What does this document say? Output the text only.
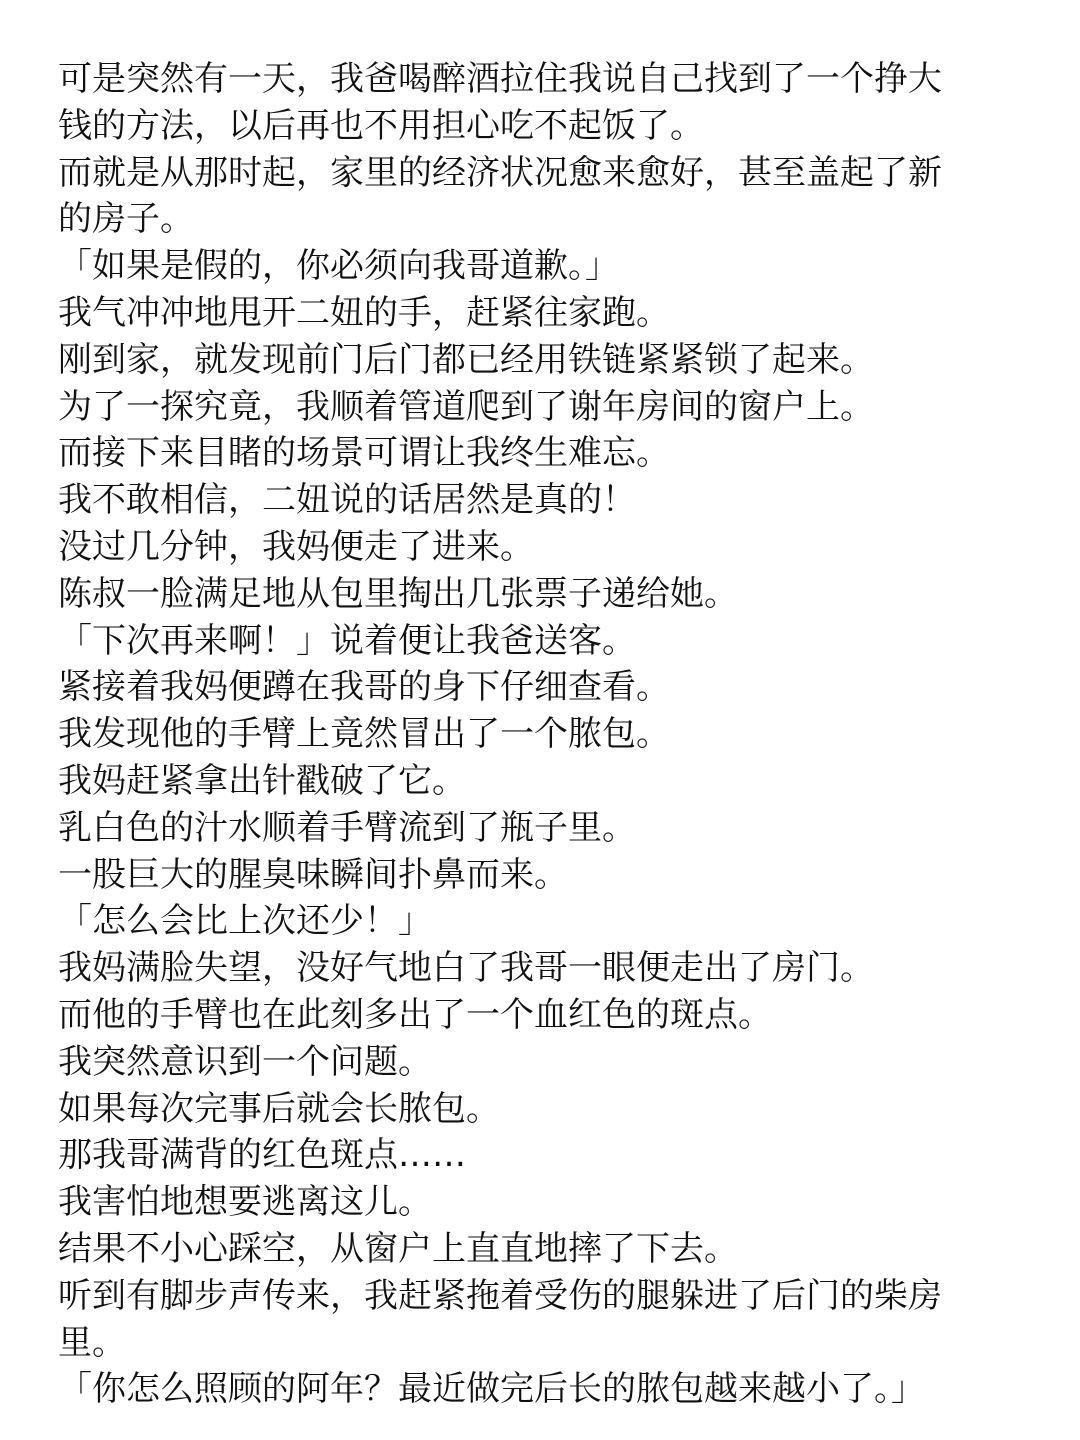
可是突然有一天，我爸喝醉酒拉住我说自己找到了一个挣大
钱的方法，以后再也不用担心吃不起饭了。
而就是从那时起，家里的经济状况愈来愈好，甚至盖起了新
的房子。
「如果是假的，你必须向我哥道歉。」
我气冲冲地甩开二妞的手，赶紧往家跑。
刚到家，就发现前门后门都已经用铁链紧紧锁了起来。
为了一探究竟，我顺着管道爬到了谢年房间的窗户上。
而接下来目睹的场景可谓让我终生难忘。
我不敢相信，二妞说的话居然是真的！
没过几分钟，我妈便走了进来。
陈叔一脸满足地从包里掏出几张票子递给她。
「下次再来啊！」说着便让我爸送客。
紧接着我妈便蹲在我哥的身下仔细查看。
我发现他的手臂上竟然冒出了一个脓包。
我妈赶紧拿出针戳破了它。
乳白色的汁水顺着手臂流到了瓶子里。
一股巨大的腥臭味瞬间扑鼻而来。
「怎么会比上次还少！」
我妈满脸失望，没好气地白了我哥一眼便走出了房门。
而他的手臂也在此刻多出了一个血红色的斑点。
我突然意识到一个问题。
如果每次完事后就会长脓包。
那我哥满背的红色斑点……
我害怕地想要逃离这儿。
结果不小心踩空，从窗户上直直地摔了下去。
听到有脚步声传来，我赶紧拖着受伤的腿躲进了后门的柴房
里。
「你怎么照顾的阿年？最近做完后长的脓包越来越小了。」
